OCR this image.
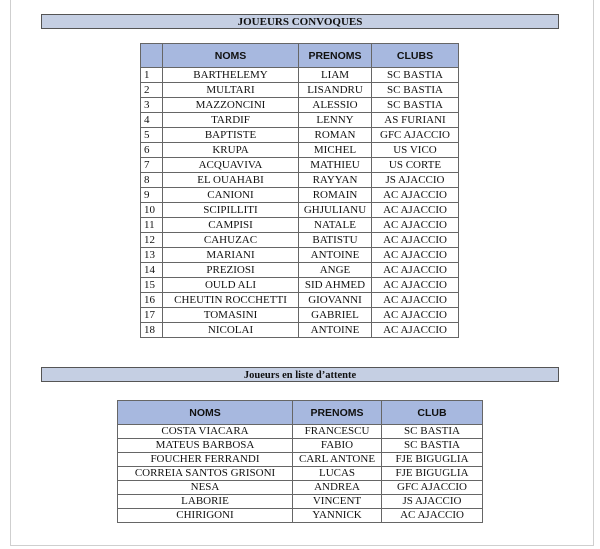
JOUEURS CONVOQUES
	NOMS	PRENOMS	CLUBS
1	BARTHELEMY	LIAM	SC BASTIA
2	MULTARI	LISANDRU	SC BASTIA
3	MAZZONCINI	ALESSIO	SC BASTIA
4	TARDIF	LENNY	AS FURIANI
5	BAPTISTE	ROMAN	GFC AJACCIO
6	KRUPA	MICHEL	US VICO
7	ACQUAVIVA	MATHIEU	US CORTE
8	EL OUAHABI	RAYYAN	JS AJACCIO
9	CANIONI	ROMAIN	AC AJACCIO
10	SCIPILLITI	GHJULIANU	AC AJACCIO
11	CAMPISI	NATALE	AC AJACCIO
12	CAHUZAC	BATISTU	AC AJACCIO
13	MARIANI	ANTOINE	AC AJACCIO
14	PREZIOSI	ANGE	AC AJACCIO
15	OULD ALI	SID AHMED	AC AJACCIO
16	CHEUTIN ROCCHETTI	GIOVANNI	AC AJACCIO
17	TOMASINI	GABRIEL	AC AJACCIO
18	NICOLAI	ANTOINE	AC AJACCIO
Joueurs en liste d’attente
NOMS	PRENOMS	CLUB
COSTA VIACARA	FRANCESCU	SC BASTIA
MATEUS BARBOSA	FABIO	SC BASTIA
FOUCHER FERRANDI	CARL ANTONE	FJE BIGUGLIA
CORREIA SANTOS GRISONI	LUCAS	FJE BIGUGLIA
NESA	ANDREA	GFC AJACCIO
LABORIE	VINCENT	JS AJACCIO
CHIRIGONI	YANNICK	AC AJACCIO
